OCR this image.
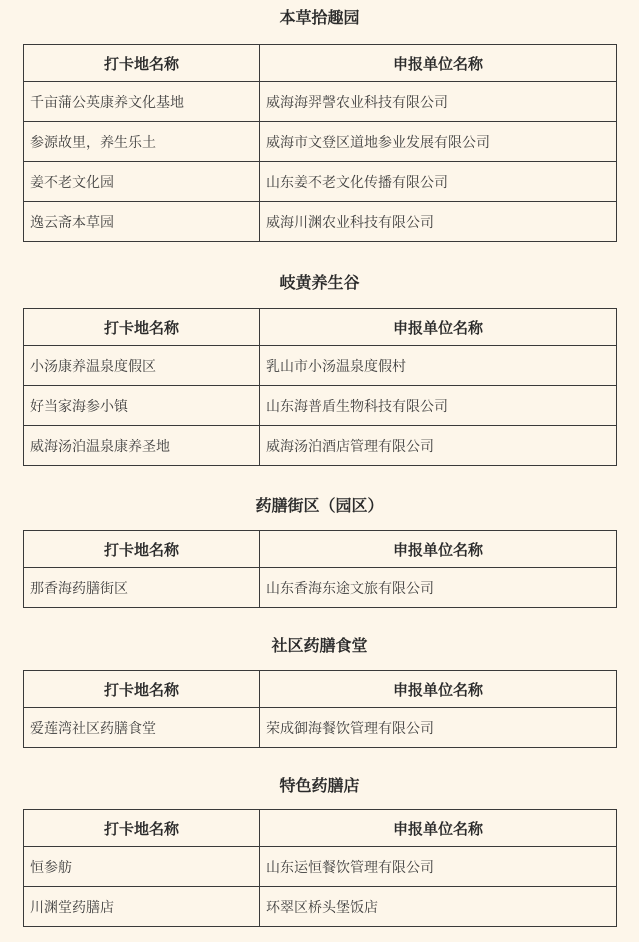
本草拾趣园
打卡地名称	申报单位名称
千亩蒲公英康养文化基地	威海海羿謦农业科技有限公司
参源故里，养生乐土	威海市文登区道地参业发展有限公司
姜不老文化园	山东姜不老文化传播有限公司
逸云斋本草园	威海川渊农业科技有限公司
岐黄养生谷
打卡地名称	申报单位名称
小汤康养温泉度假区	乳山市小汤温泉度假村
好当家海参小镇	山东海普盾生物科技有限公司
威海汤泊温泉康养圣地	威海汤泊酒店管理有限公司
药膳街区（园区）
打卡地名称	申报单位名称
那香海药膳街区	山东香海东途文旅有限公司
社区药膳食堂
打卡地名称	申报单位名称
爱莲湾社区药膳食堂	荣成御海餐饮管理有限公司
特色药膳店
打卡地名称	申报单位名称
恒参舫	山东运恒餐饮管理有限公司
川渊堂药膳店	环翠区桥头堡饭店
